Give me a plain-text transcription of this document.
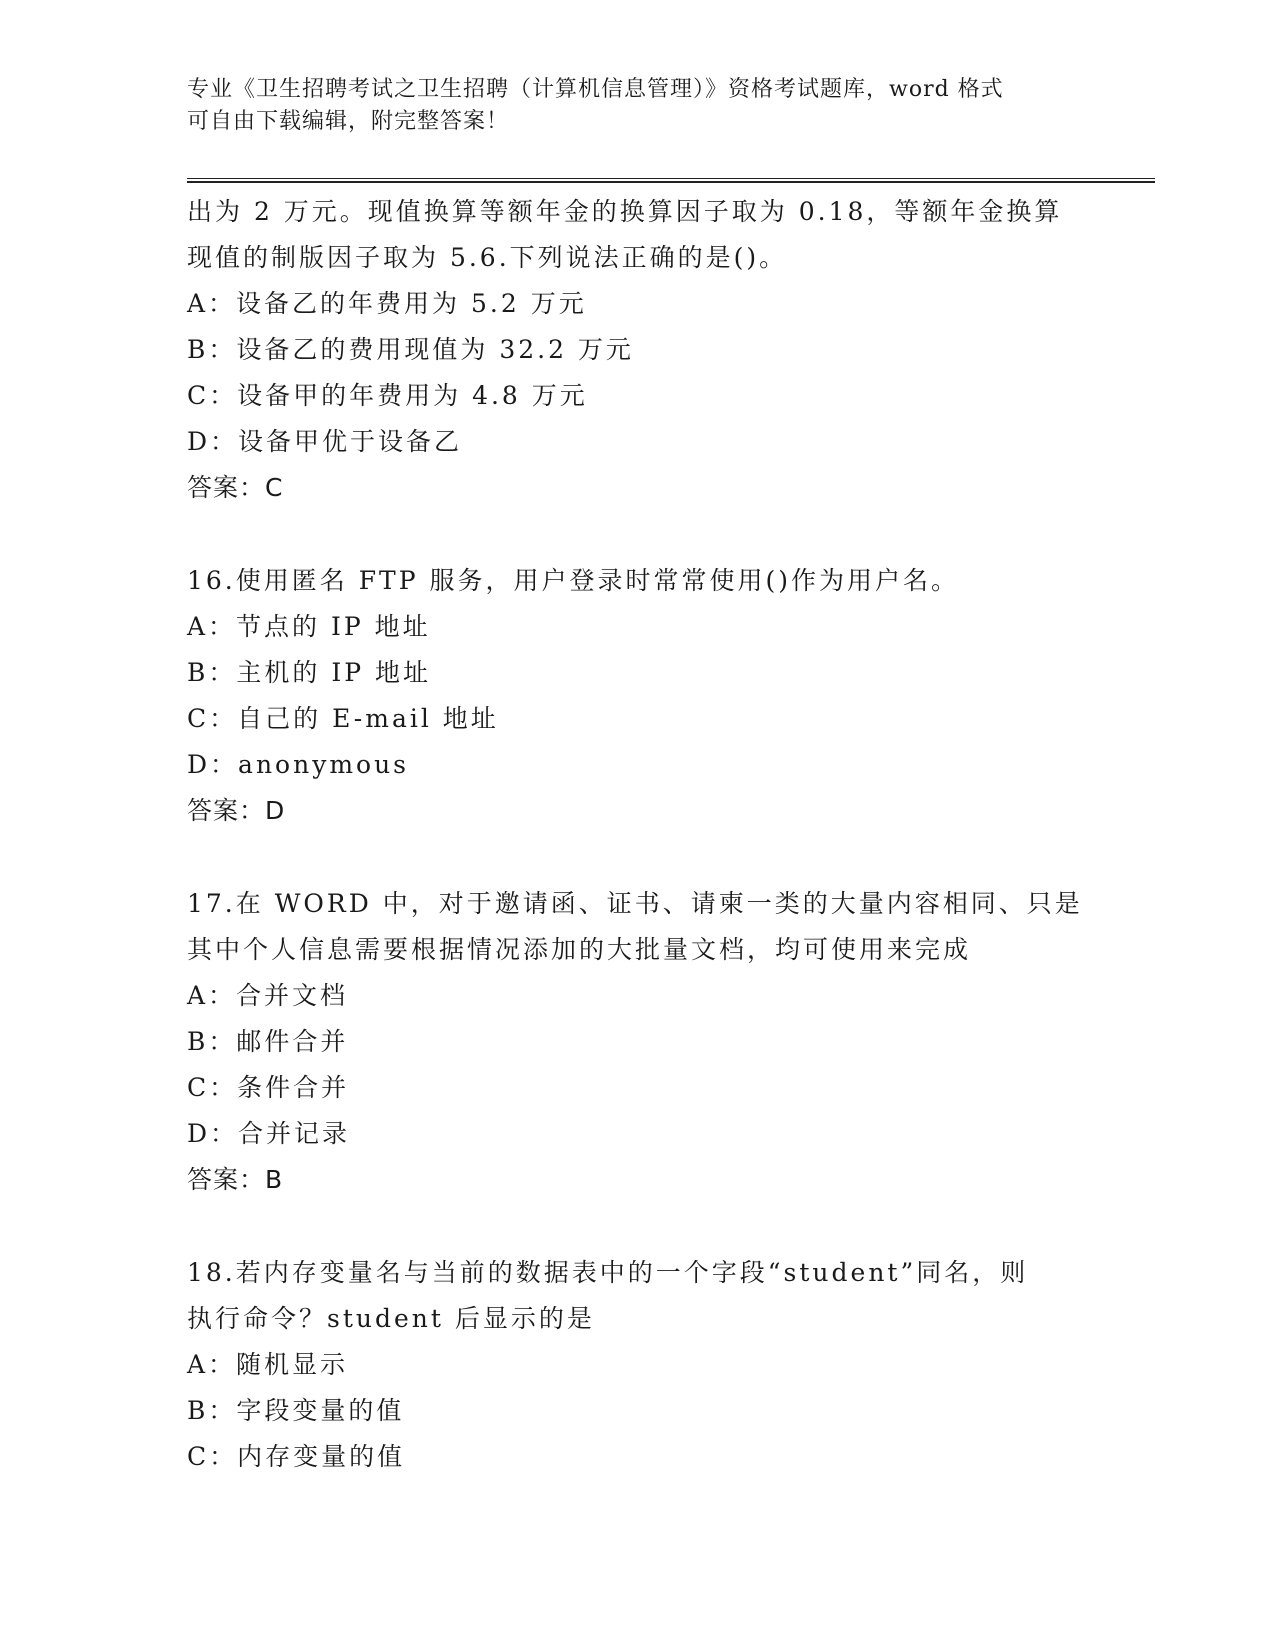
专业《卫生招聘考试之卫生招聘（计算机信息管理）》资格考试题库，word 格式
可自由下载编辑，附完整答案！
出为 2 万元。现值换算等额年金的换算因子取为 0.18，等额年金换算
现值的制版因子取为 5.6.下列说法正确的是()。
A：设备乙的年费用为 5.2 万元
B：设备乙的费用现值为 32.2 万元
C：设备甲的年费用为 4.8 万元
D：设备甲优于设备乙
答案：C
16.使用匿名 FTP 服务，用户登录时常常使用()作为用户名。
A：节点的 IP 地址
B：主机的 IP 地址
C：自己的 E-mail 地址
D：anonymous
答案：D
17.在 WORD 中，对于邀请函、证书、请柬一类的大量内容相同、只是
其中个人信息需要根据情况添加的大批量文档，均可使用来完成
A：合并文档
B：邮件合并
C：条件合并
D：合并记录
答案：B
18.若内存变量名与当前的数据表中的一个字段“student”同名，则
执行命令？student 后显示的是
A：随机显示
B：字段变量的值
C：内存变量的值
